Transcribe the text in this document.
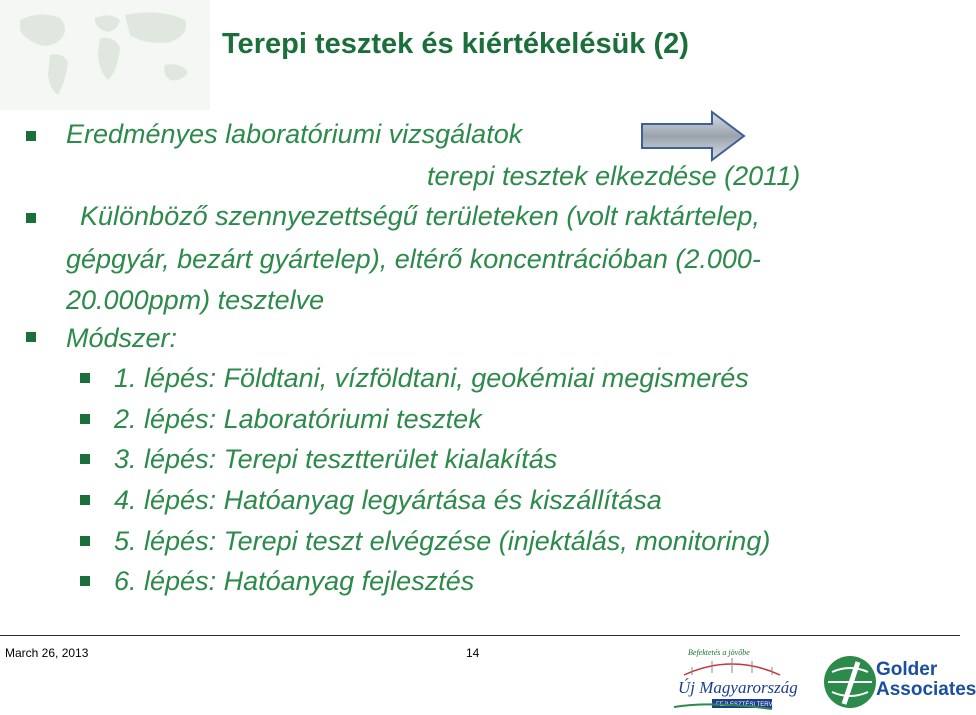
Terepi tesztek és kiértékelésük (2)
Eredményes laboratóriumi vizsgálatok
terepi tesztek elkezdése (2011)
Különböző szennyezettségű területeken (volt raktártelep,
gépgyár, bezárt gyártelep), eltérő koncentrációban (2.000-
20.000ppm) tesztelve
Módszer:
1. lépés: Földtani, vízföldtani, geokémiai megismerés
2. lépés: Laboratóriumi tesztek
3. lépés: Terepi tesztterület kialakítás
4. lépés: Hatóanyag legyártása és kiszállítása
5. lépés: Terepi teszt elvégzése (injektálás, monitoring)
6. lépés: Hatóanyag fejlesztés
March 26, 2013	14	Befektetés a jövőbe
Új Magyarország
FEJLESZTÉSI TERV
Golder
Associates
